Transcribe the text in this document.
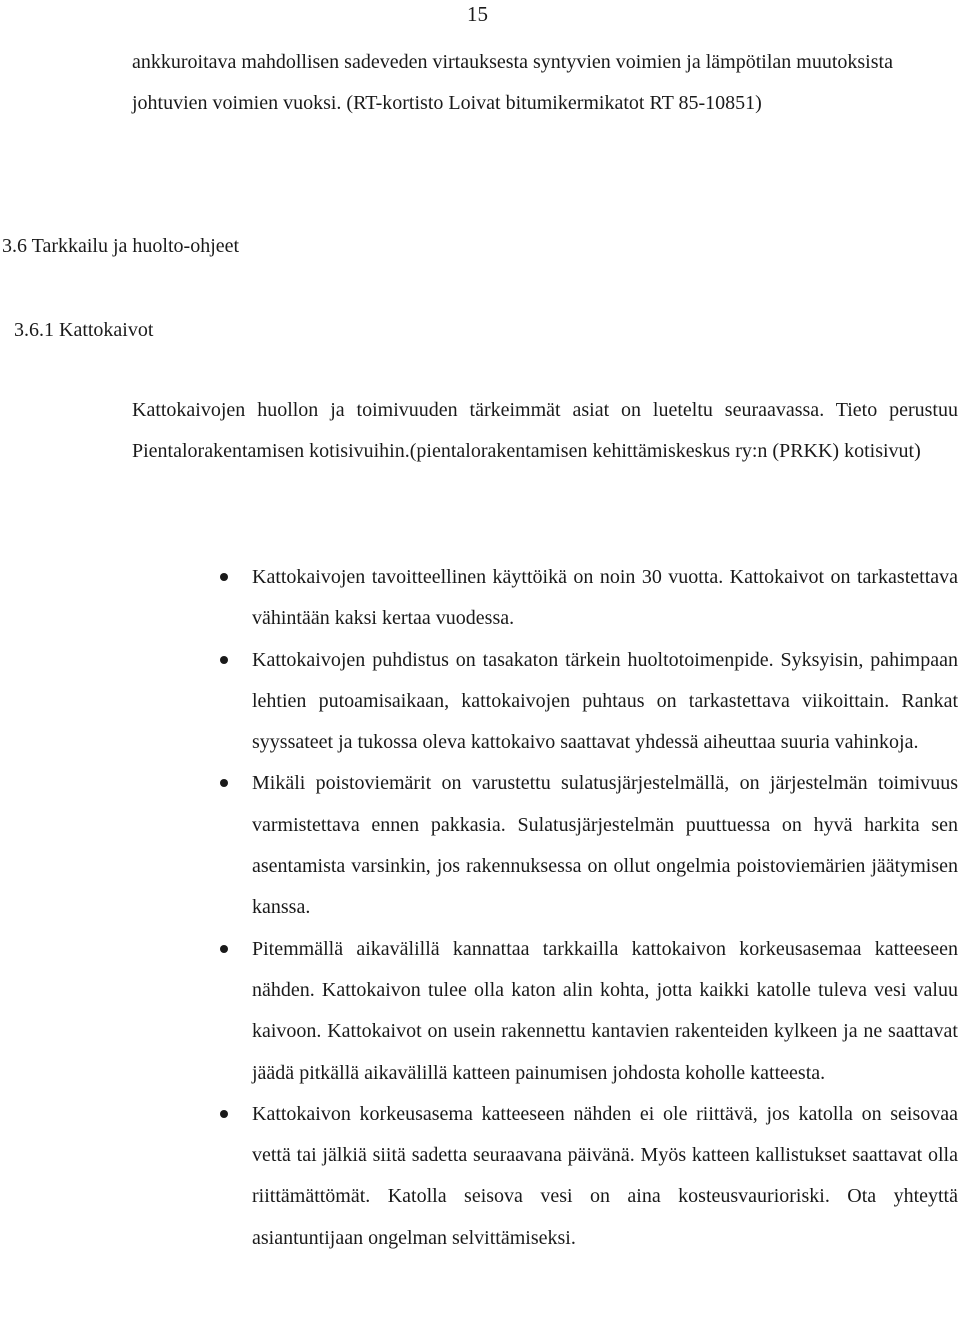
15

ankkuroitava mahdollisen sadeveden virtauksesta syntyvien voimien ja lämpötilan muutoksista johtuvien voimien vuoksi. (RT-kortisto Loivat bitumikermikatot RT 85-10851)

3.6 Tarkkailu ja huolto-ohjeet
3.6.1 Kattokaivot

Kattokaivojen huollon ja toimivuuden tärkeimmät asiat on lueteltu seuraavassa. Tieto perustuu Pientalorakentamisen kotisivuihin.(pientalorakentamisen kehittämiskeskus ry:n (PRKK) kotisivut)

Kattokaivojen tavoitteellinen käyttöikä on noin 30 vuotta. Kattokaivot on tarkastettava vähintään kaksi kertaa vuodessa.
Kattokaivojen puhdistus on tasakaton tärkein huoltotoimenpide. Syksyisin, pahimpaan lehtien putoamisaikaan, kattokaivojen puhtaus on tarkastettava viikoittain. Rankat syyssateet ja tukossa oleva kattokaivo saattavat yhdessä aiheuttaa suuria vahinkoja.
Mikäli poistoviemärit on varustettu sulatusjärjestelmällä, on järjestelmän toimivuus varmistettava ennen pakkasia. Sulatusjärjestelmän puuttuessa on hyvä harkita sen asentamista varsinkin, jos rakennuksessa on ollut ongelmia poistoviemärien jäätymisen kanssa.
Pitemmällä aikavälillä kannattaa tarkkailla kattokaivon korkeusasemaa katteeseen nähden. Kattokaivon tulee olla katon alin kohta, jotta kaikki katolle tuleva vesi valuu kaivoon. Kattokaivot on usein rakennettu kantavien rakenteiden kylkeen ja ne saattavat jäädä pitkällä aikavälillä katteen painumisen johdosta koholle katteesta.
Kattokaivon korkeusasema katteeseen nähden ei ole riittävä, jos katolla on seisovaa vettä tai jälkiä siitä sadetta seuraavana päivänä. Myös katteen kallistukset saattavat olla riittämättömät. Katolla seisova vesi on aina kosteusvaurioriski. Ota yhteyttä asiantuntijaan ongelman selvittämiseksi.
